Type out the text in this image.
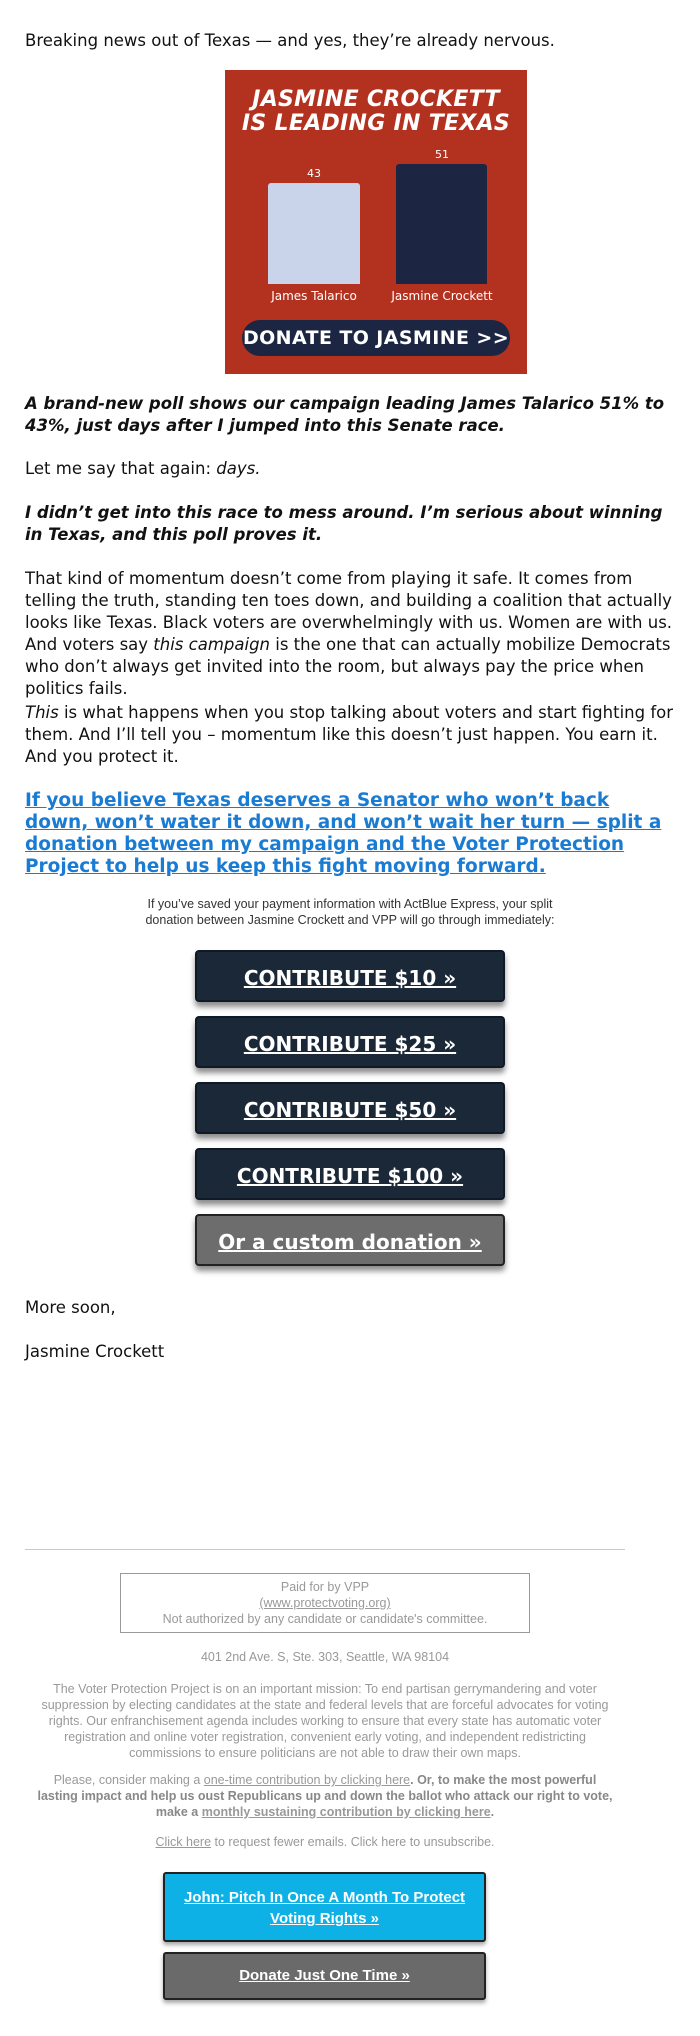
Breaking news out of Texas — and yes, they’re already nervous.
JASMINE CROCKETT
IS LEADING IN TEXAS
43
51
James Talarico	Jasmine Crockett
DONATE TO JASMINE >>

A brand-new poll shows our campaign leading James Talarico 51% to 43%, just days after I jumped into this Senate race.

Let me say that again: days.

I didn’t get into this race to mess around. I’m serious about winning in Texas, and this poll proves it.

That kind of momentum doesn’t come from playing it safe. It comes from telling the truth, standing ten toes down, and building a coalition that actually looks like Texas. Black voters are overwhelmingly with us. Women are with us. And voters say this campaign is the one that can actually mobilize Democrats who don’t always get invited into the room, but always pay the price when politics fails.

This is what happens when you stop talking about voters and start fighting for them. And I’ll tell you – momentum like this doesn’t just happen. You earn it. And you protect it.

If you believe Texas deserves a Senator who won’t back down, won’t water it down, and won’t wait her turn — split a donation between my campaign and the Voter Protection Project to help us keep this fight moving forward.

If you’ve saved your payment information with ActBlue Express, your split donation between Jasmine Crockett and VPP will go through immediately:
CONTRIBUTE $10 »
CONTRIBUTE $25 »
CONTRIBUTE $50 »
CONTRIBUTE $100 »
Or a custom donation »
More soon,
Jasmine Crockett
Paid for by VPP
(www.protectvoting.org)
Not authorized by any candidate or candidate's committee.
401 2nd Ave. S, Ste. 303, Seattle, WA 98104
The Voter Protection Project is on an important mission: To end partisan gerrymandering and voter suppression by electing candidates at the state and federal levels that are forceful advocates for voting rights. Our enfranchisement agenda includes working to ensure that every state has automatic voter registration and online voter registration, convenient early voting, and independent redistricting commissions to ensure politicians are not able to draw their own maps.
Please, consider making a one-time contribution by clicking here. Or, to make the most powerful lasting impact and help us oust Republicans up and down the ballot who attack our right to vote, make a monthly sustaining contribution by clicking here.
Click here to request fewer emails. Click here to unsubscribe.
John: Pitch In Once A Month To Protect Voting Rights »
Donate Just One Time »
